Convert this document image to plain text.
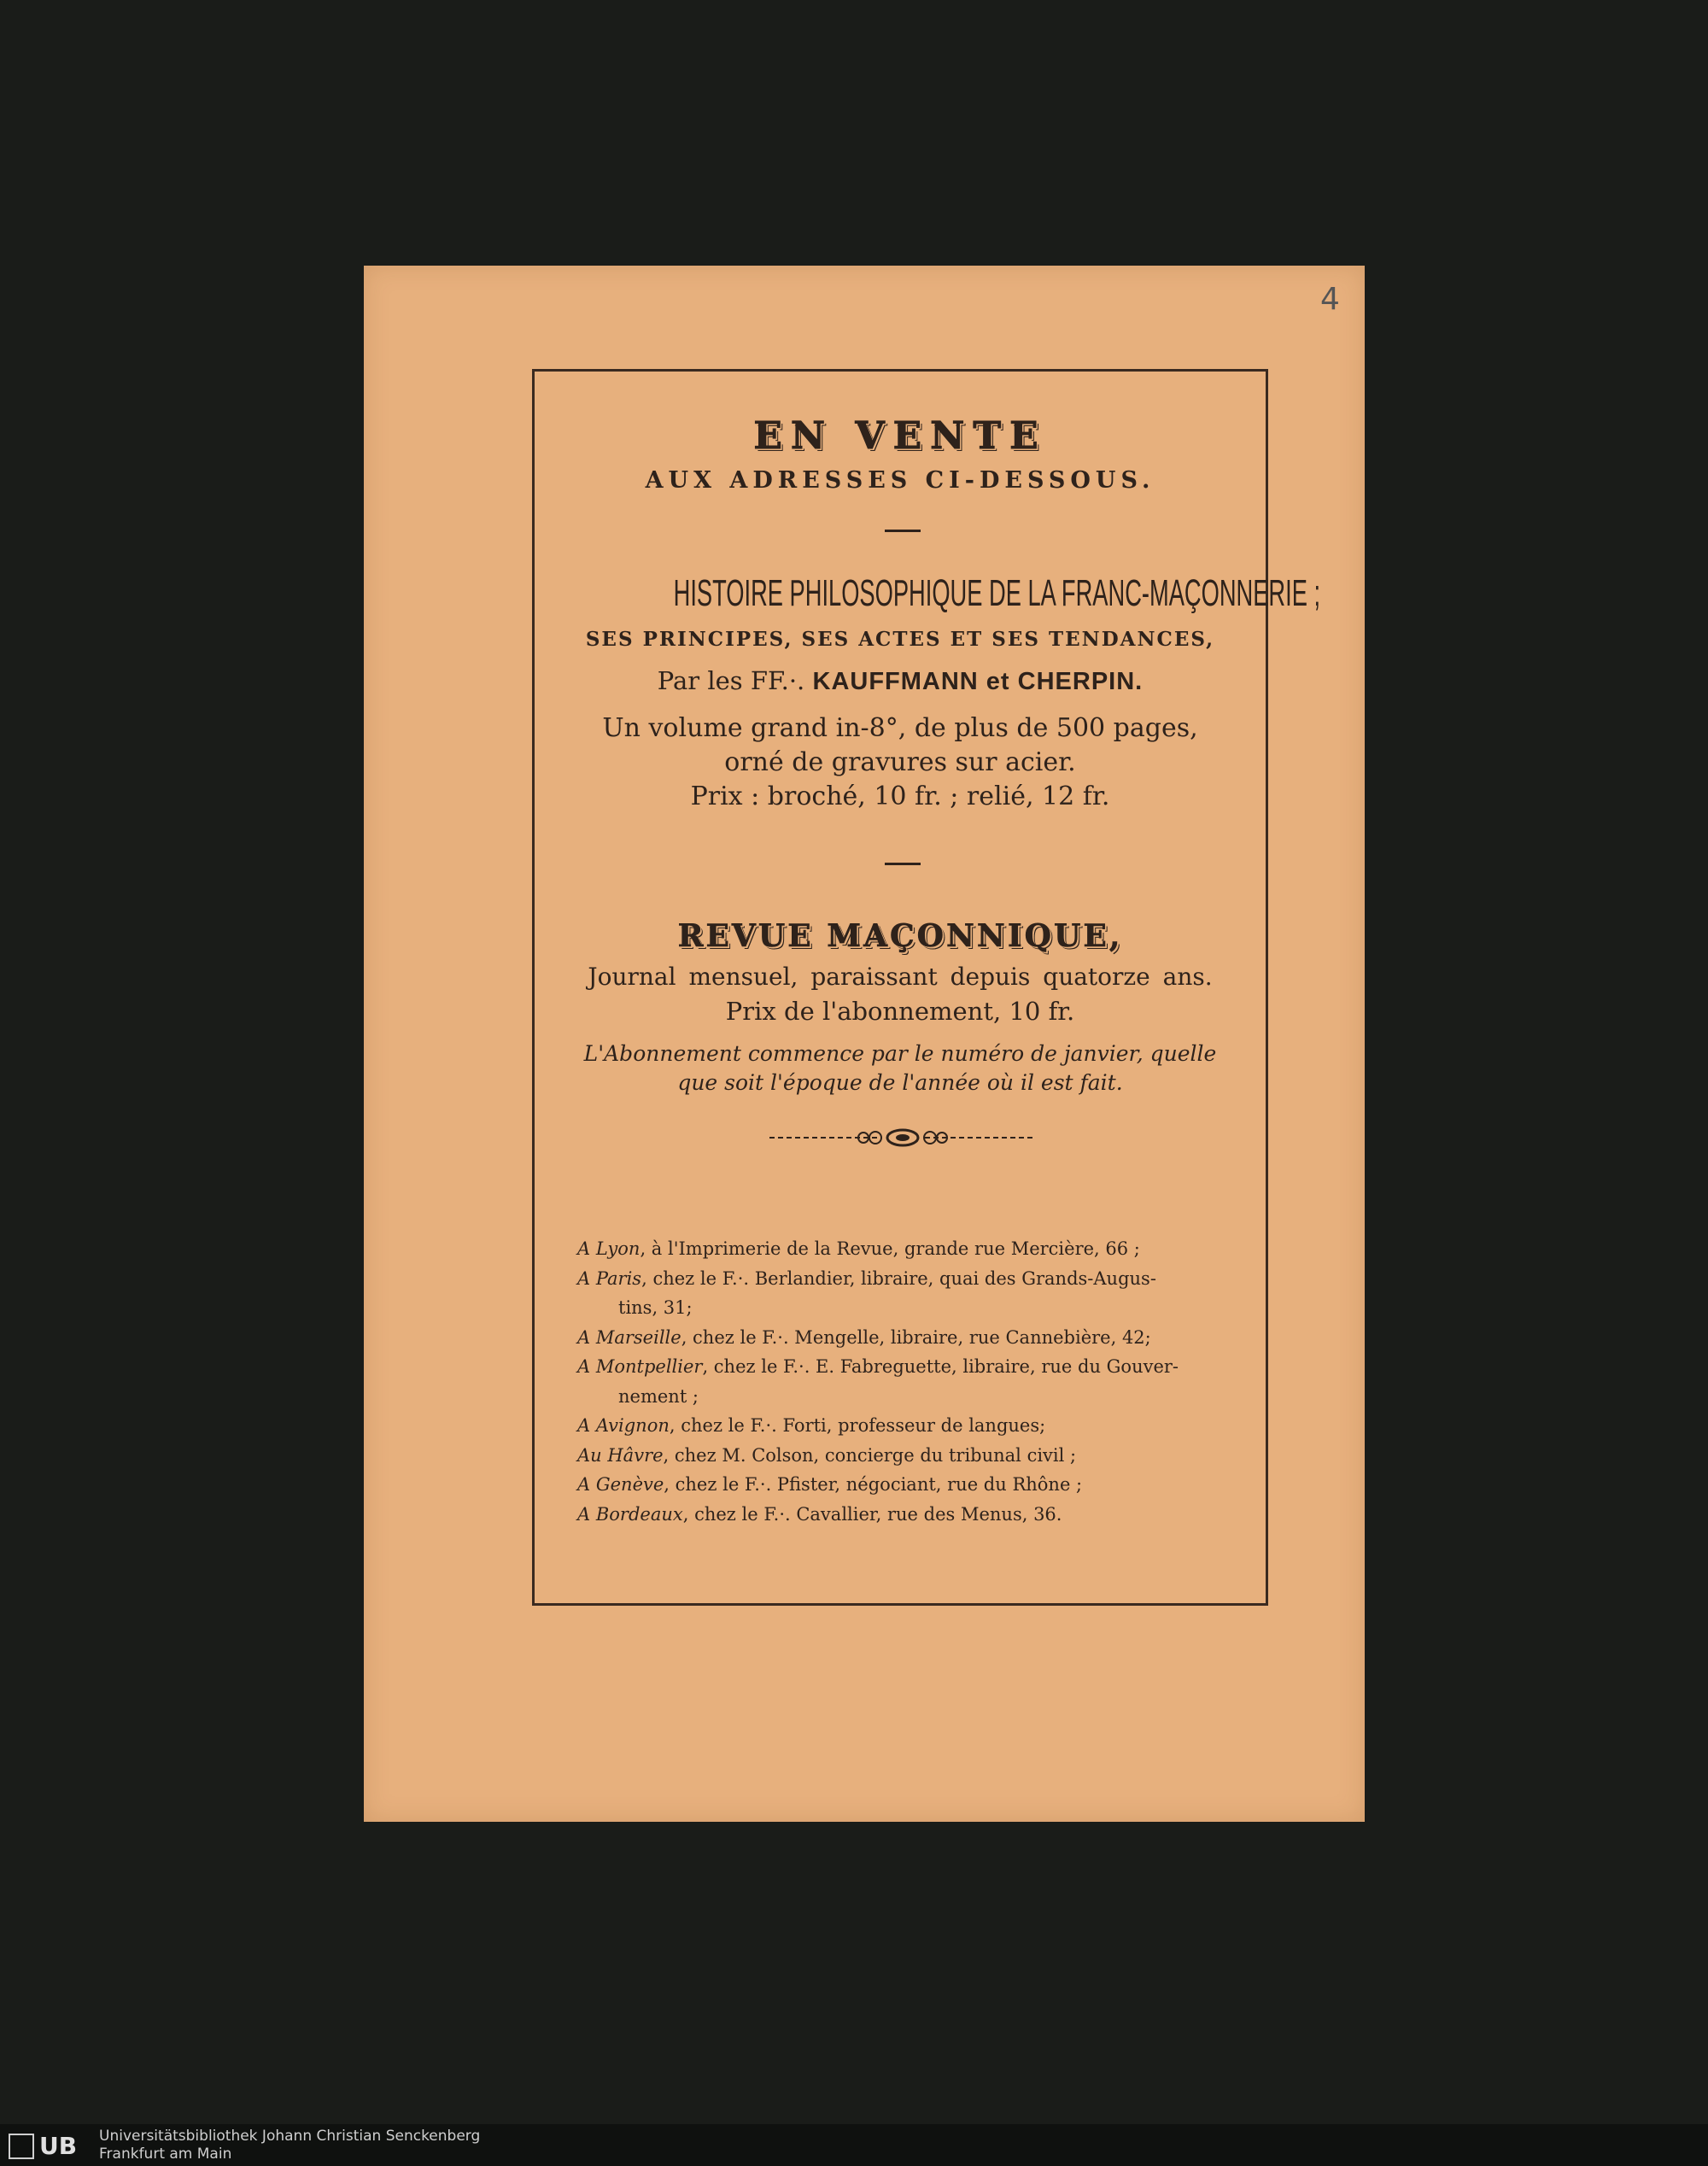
4

EN VENTE

AUX ADRESSES CI-DESSOUS.

HISTOIRE PHILOSOPHIQUE DE LA FRANC-MAÇONNERIE ;

SES PRINCIPES, SES ACTES ET SES TENDANCES,

Par les FF.·. KAUFFMANN et CHERPIN.

Un volume grand in-8°, de plus de 500 pages,

orné de gravures sur acier.

Prix : broché, 10 fr. ; relié, 12 fr.

REVUE MAÇONNIQUE,

Journal mensuel, paraissant depuis quatorze ans.

Prix de l'abonnement, 10 fr.

L'Abonnement commence par le numéro de janvier, quelle

que soit l'époque de l'année où il est fait.

A Lyon, à l'Imprimerie de la Revue, grande rue Mercière, 66 ;

A Paris, chez le F.·. Berlandier, libraire, quai des Grands-Augus-

tins, 31;

A Marseille, chez le F.·. Mengelle, libraire, rue Cannebière, 42;

A Montpellier, chez le F.·. E. Fabreguette, libraire, rue du Gouver-

nement ;

A Avignon, chez le F.·. Forti, professeur de langues;

Au Hâvre, chez M. Colson, concierge du tribunal civil ;

A Genève, chez le F.·. Pfister, négociant, rue du Rhône ;

A Bordeaux, chez le F.·. Cavallier, rue des Menus, 36.

UB Universitätsbibliothek Johann Christian Senckenberg
Frankfurt am Main
